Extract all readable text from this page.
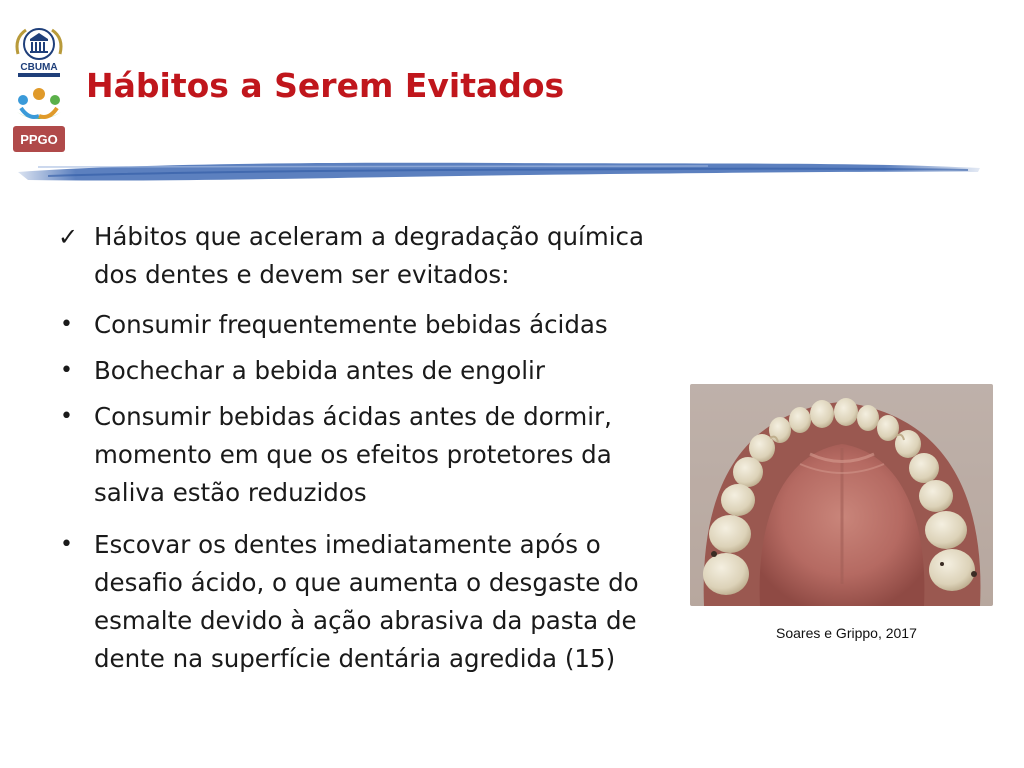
CBUMA
PPGO
Hábitos a Serem Evitados
✓ Hábitos que aceleram a degradação química dos dentes e devem ser evitados:
• Consumir frequentemente bebidas ácidas
• Bochechar a bebida antes de engolir
• Consumir bebidas ácidas antes de dormir, momento em que os efeitos protetores da saliva estão reduzidos
• Escovar os dentes imediatamente após o desafio ácido, o que aumenta o desgaste do esmalte devido à ação abrasiva da pasta de dente na superfície dentária agredida (15)
Soares e Grippo, 2017
